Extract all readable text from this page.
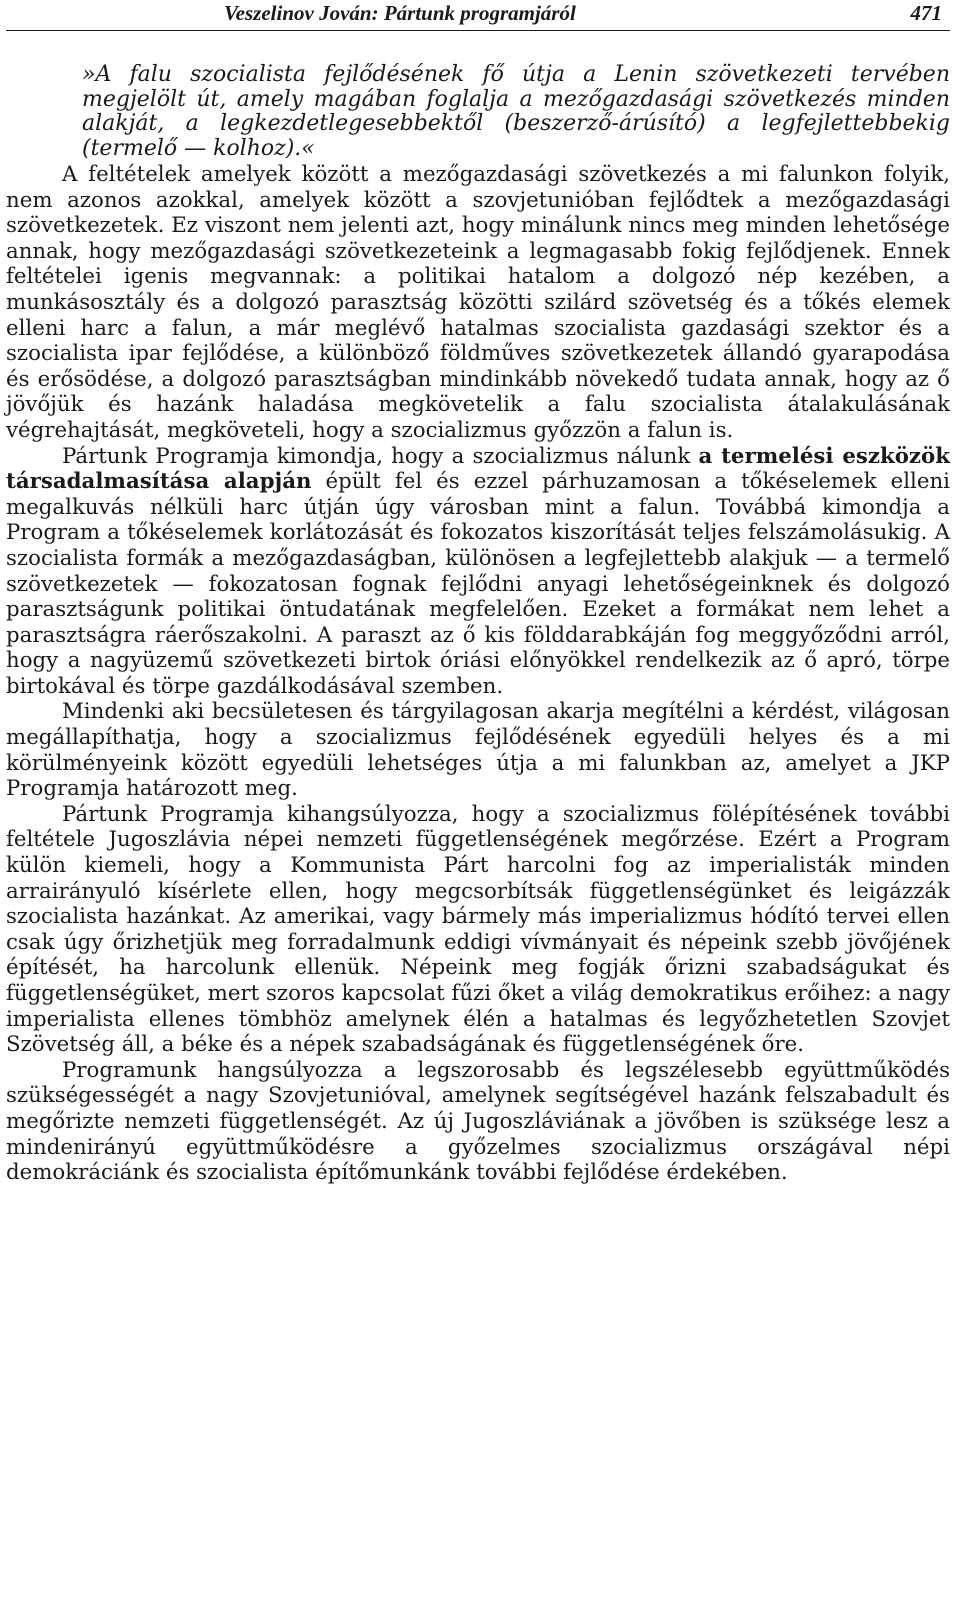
Veszelinov Jován: Pártunk programjáról	471

»A falu szocialista fejlődésének fő útja a Lenin szövetkezeti tervében megjelölt út, amely magában foglalja a mezőgazdasági szövetkezés minden alakját, a legkezdetlegesebbektől (beszerző-árúsító) a legfejlettebbekig (termelő — kolhoz).«

A feltételek amelyek között a mezőgazdasági szövetkezés a mi falunkon folyik, nem azonos azokkal, amelyek között a szovjetunióban fejlődtek a mezőgazdasági szövetkezetek. Ez viszont nem jelenti azt, hogy minálunk nincs meg minden lehetősége annak, hogy mezőgazdasági szövetkezeteink a legmagasabb fokig fejlődjenek. Ennek feltételei igenis megvannak: a politikai hatalom a dolgozó nép kezében, a munkásosztály és a dolgozó parasztság közötti szilárd szövetség és a tőkés elemek elleni harc a falun, a már meglévő hatalmas szocialista gazdasági szektor és a szocialista ipar fejlődése, a különböző földműves szövetkezetek állandó gyarapodása és erősödése, a dolgozó parasztságban mindinkább növekedő tudata annak, hogy az ő jövőjük és hazánk haladása megkövetelik a falu szocialista átalakulásának végrehajtását, megköveteli, hogy a szocializmus győzzön a falun is.

Pártunk Programja kimondja, hogy a szocializmus nálunk a termelési eszközök társadalmasítása alapján épült fel és ezzel párhuzamosan a tőkéselemek elleni megalkuvás nélküli harc útján úgy városban mint a falun. Továbbá kimondja a Program a tőkéselemek korlátozását és fokozatos kiszorítását teljes felszámolásukig. A szocialista formák a mezőgazdaságban, különösen a legfejlettebb alakjuk — a termelő szövetkezetek — fokozatosan fognak fejlődni anyagi lehetőségeinknek és dolgozó parasztságunk politikai öntudatának megfelelően. Ezeket a formákat nem lehet a parasztságra ráerőszakolni. A paraszt az ő kis földdarabkáján fog meggyőződni arról, hogy a nagyüzemű szövetkezeti birtok óriási előnyökkel rendelkezik az ő apró, törpe birtokával és törpe gazdálkodásával szemben.

Mindenki aki becsületesen és tárgyilagosan akarja megítélni a kérdést, világosan megállapíthatja, hogy a szocializmus fejlődésének egyedüli helyes és a mi körülményeink között egyedüli lehetséges útja a mi falunkban az, amelyet a JKP Programja határozott meg.

Pártunk Programja kihangsúlyozza, hogy a szocializmus fölépítésének további feltétele Jugoszlávia népei nemzeti függetlenségének megőrzése. Ezért a Program külön kiemeli, hogy a Kommunista Párt harcolni fog az imperialisták minden arrairányuló kísérlete ellen, hogy megcsorbítsák függetlenségünket és leigázzák szocialista hazánkat. Az amerikai, vagy bármely más imperializmus hódító tervei ellen csak úgy őrizhetjük meg forradalmunk eddigi vívmányait és népeink szebb jövőjének építését, ha harcolunk ellenük. Népeink meg fogják őrizni szabadságukat és függetlenségüket, mert szoros kapcsolat fűzi őket a világ demokratikus erőihez: a nagy imperialista ellenes tömbhöz amelynek élén a hatalmas és legyőzhetetlen Szovjet Szövetség áll, a béke és a népek szabadságának és függetlenségének őre.

Programunk hangsúlyozza a legszorosabb és legszélesebb együttműködés szükségességét a nagy Szovjetunióval, amelynek segítségével hazánk felszabadult és megőrizte nemzeti függetlenségét. Az új Jugoszláviának a jövőben is szüksége lesz a mindenirányú együttműködésre a győzelmes szocializmus országával népi demokráciánk és szocialista építőmunkánk további fejlődése érdekében.
